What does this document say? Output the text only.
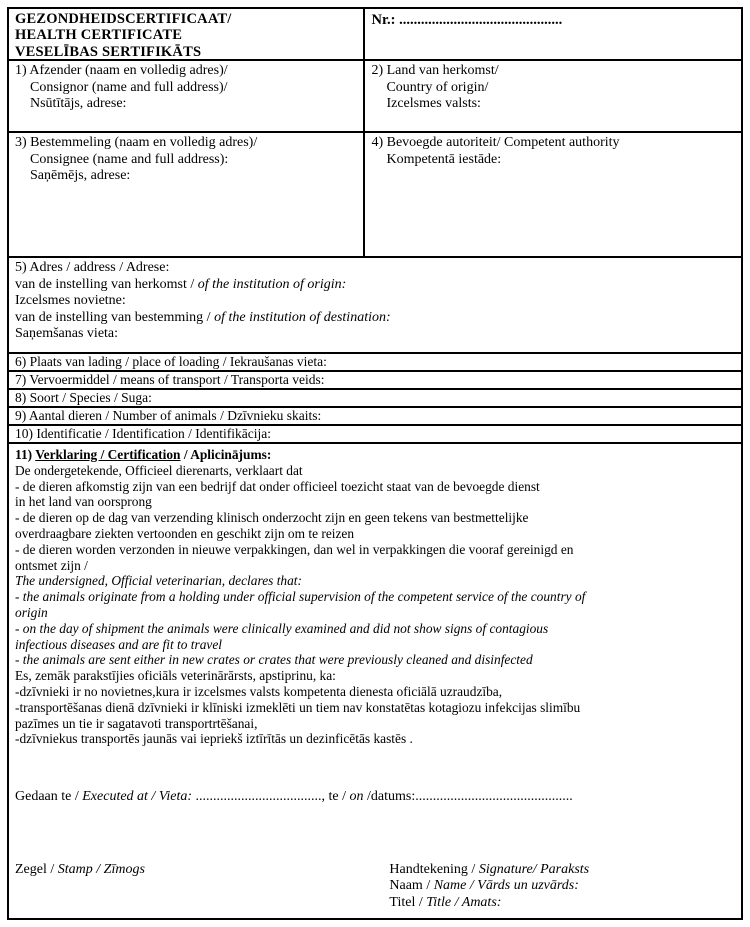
GEZONDHEIDSCERTIFICAAT/
HEALTH CERTIFICATE
VESELĪBAS SERTIFIKĀTS
Nr.: .............................................
1) Afzender (naam en volledig adres)/
Consignor (name and full address)/
Nsūtītājs, adrese:
2) Land van herkomst/
Country of origin/
Izcelsmes valsts:
3) Bestemmeling (naam en volledig adres)/
Consignee (name and full address):
Saņēmējs, adrese:
4) Bevoegde autoriteit/ Competent authority
Kompetentā iestāde:
5) Adres / address / Adrese:
van de instelling van herkomst / of the institution of origin:
Izcelsmes novietne:
van de instelling van bestemming / of the institution of destination:
Saņemšanas vieta:
6) Plaats van lading / place of loading / Iekraušanas vieta:
7) Vervoermiddel / means of transport / Transporta veids:
8) Soort / Species / Suga:
9) Aantal dieren / Number of animals / Dzīvnieku skaits:
10) Identificatie / Identification / Identifikācija:
11) Verklaring / Certification / Aplicinājums:
De ondergetekende, Officieel dierenarts, verklaart dat
- de dieren afkomstig zijn van een bedrijf dat onder officieel toezicht staat van de bevoegde dienst
in het land van oorsprong
- de dieren op de dag van verzending klinisch onderzocht zijn en geen tekens van bestmettelijke
overdraagbare ziekten vertoonden en geschikt zijn om te reizen
- de dieren worden verzonden in nieuwe verpakkingen, dan wel in verpakkingen die vooraf gereinigd en
ontsmet zijn /
The undersigned, Official veterinarian, declares that:
- the animals originate from a holding under official supervision of the competent service of the country of
origin
- on the day of shipment the animals were clinically examined and did not show signs of contagious
infectious diseases and are fit to travel
- the animals are sent either in new crates or crates that were previously cleaned and disinfected
Es, zemāk parakstījies oficiāls veterinārārsts, apstiprinu, ka:
-dzīvnieki ir no novietnes,kura ir izcelsmes valsts kompetenta dienesta oficiālā uzraudzība,
-transportēšanas dienā dzīvnieki ir klīniski izmeklēti un tiem nav konstatētas kotagiozu infekcijas slimību
pazīmes un tie ir sagatavoti transportrtēšanai,
-dzīvniekus transportēs jaunās vai iepriekš iztīrītās un dezinficētās kastēs .
Gedaan te / Executed at / Vieta: ...................................., te / on /datums:.............................................
Zegel / Stamp / Zīmogs	Handtekening / Signature/ Paraksts
Naam / Name / Vārds un uzvārds:
Titel / Title / Amats:
